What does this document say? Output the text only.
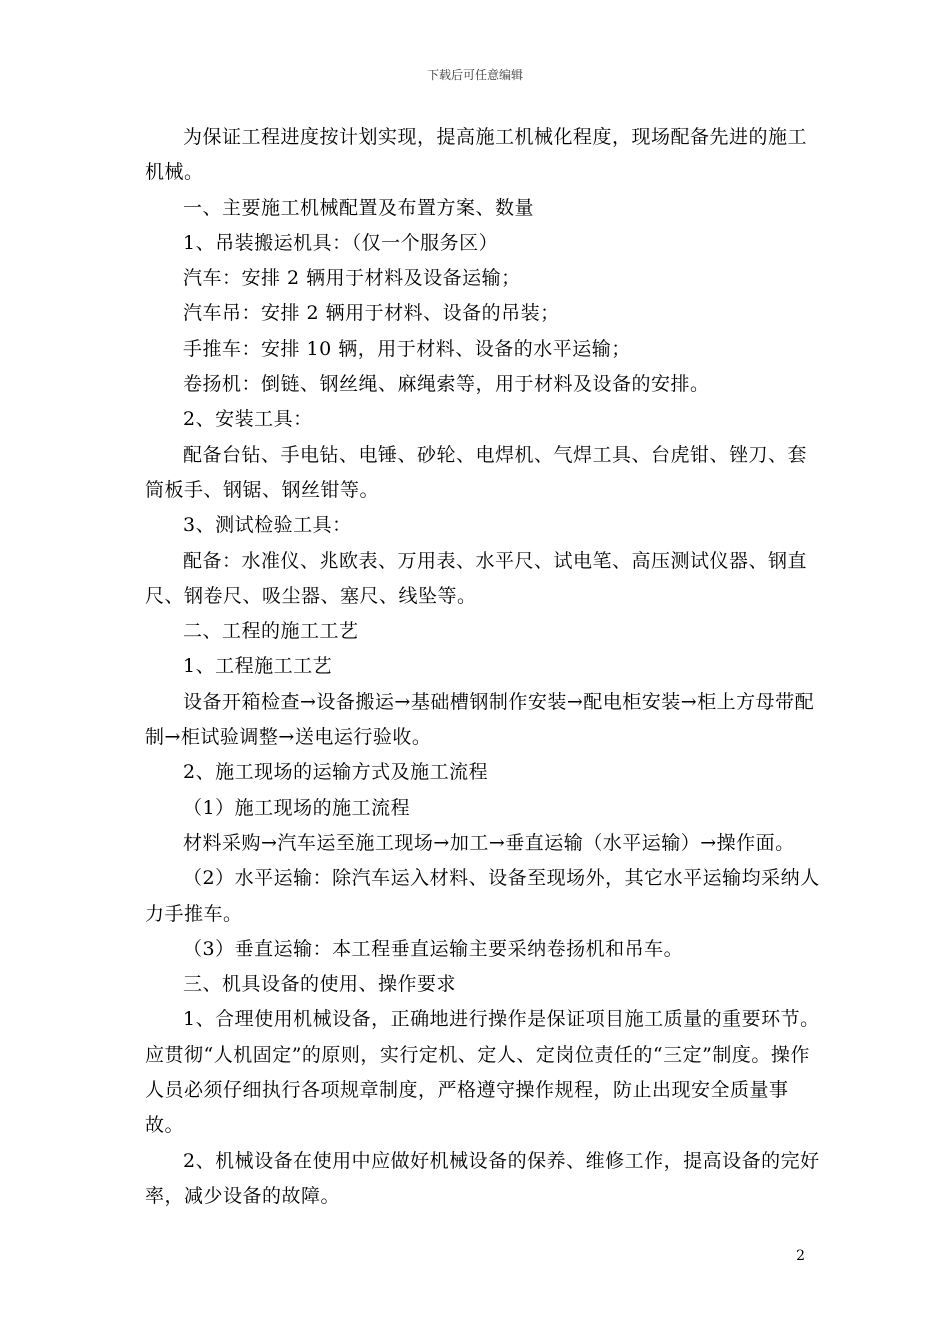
下载后可任意编辑

为保证工程进度按计划实现，提高施工机械化程度，现场配备先进的施工机械。

一、主要施工机械配置及布置方案、数量

1、吊装搬运机具：（仅一个服务区）

汽车：安排 2 辆用于材料及设备运输；

汽车吊：安排 2 辆用于材料、设备的吊装；

手推车：安排 10 辆，用于材料、设备的水平运输；

卷扬机：倒链、钢丝绳、麻绳索等，用于材料及设备的安排。

2、安装工具：

配备台钻、手电钻、电锤、砂轮、电焊机、气焊工具、台虎钳、锉刀、套筒板手、钢锯、钢丝钳等。

3、测试检验工具：

配备：水准仪、兆欧表、万用表、水平尺、试电笔、高压测试仪器、钢直尺、钢卷尺、吸尘器、塞尺、线坠等。

二、工程的施工工艺

1、工程施工工艺

设备开箱检查→设备搬运→基础槽钢制作安装→配电柜安装→柜上方母带配制→柜试验调整→送电运行验收。

2、施工现场的运输方式及施工流程

（1）施工现场的施工流程

材料采购→汽车运至施工现场→加工→垂直运输（水平运输）→操作面。

（2）水平运输：除汽车运入材料、设备至现场外，其它水平运输均采纳人力手推车。

（3）垂直运输：本工程垂直运输主要采纳卷扬机和吊车。

三、机具设备的使用、操作要求

1、合理使用机械设备，正确地进行操作是保证项目施工质量的重要环节。应贯彻“人机固定”的原则，实行定机、定人、定岗位责任的“三定”制度。操作人员必须仔细执行各项规章制度，严格遵守操作规程，防止出现安全质量事故。

2、机械设备在使用中应做好机械设备的保养、维修工作，提高设备的完好率，减少设备的故障。

2
